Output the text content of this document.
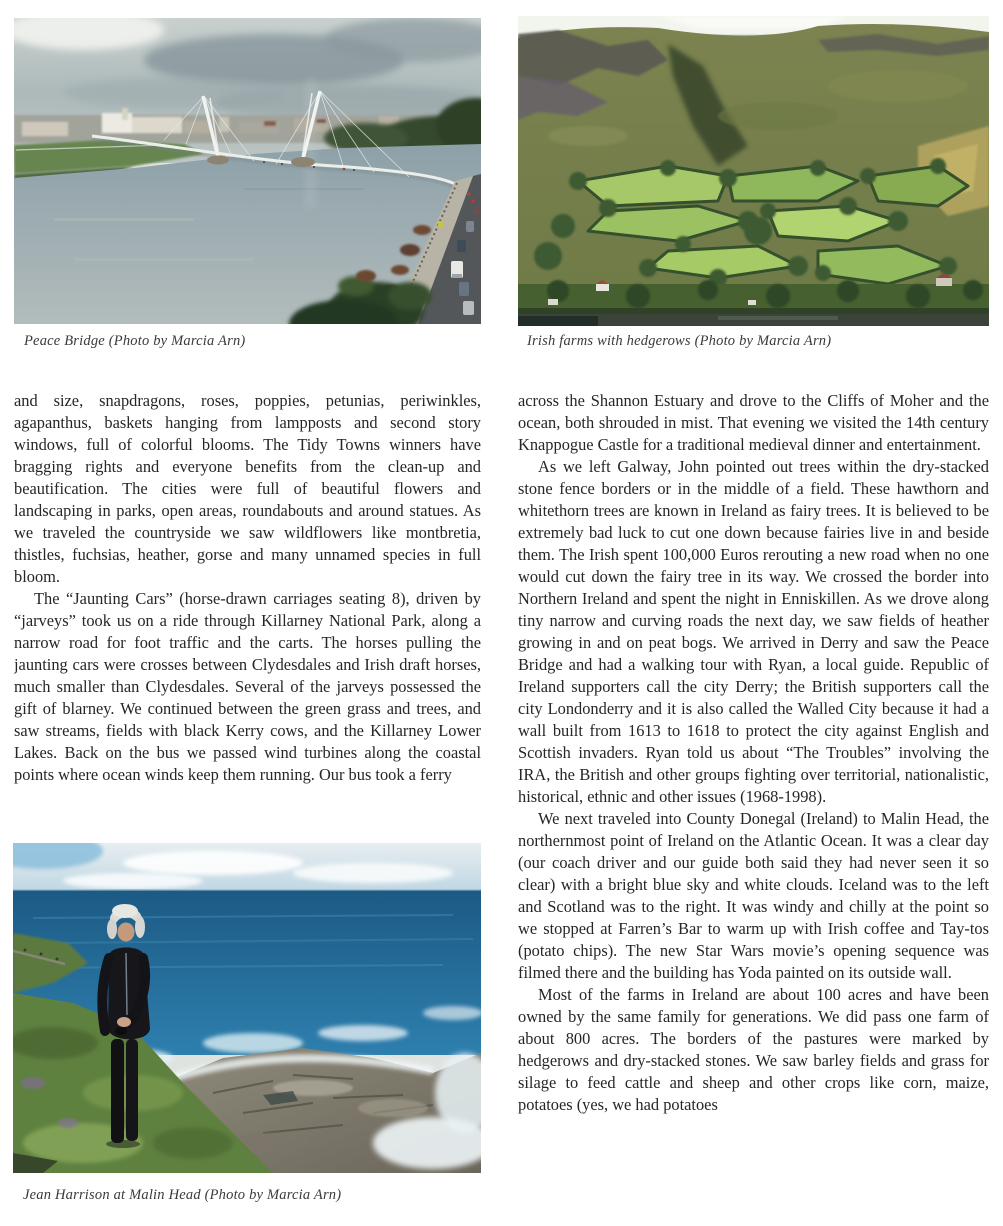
Peace Bridge (Photo by Marcia Arn)	Irish farms with hedgerows (Photo by Marcia Arn)

and size, snapdragons, roses, poppies, petunias, periwinkles, agapanthus, baskets hanging from lampposts and second story windows, full of colorful blooms. The Tidy Towns winners have bragging rights and everyone benefits from the clean-up and beautification. The cities were full of beautiful flowers and landscaping in parks, open areas, roundabouts and around statues. As we traveled the countryside we saw wildflowers like montbretia, thistles, fuchsias, heather, gorse and many unnamed species in full bloom.

The “Jaunting Cars” (horse-drawn carriages seating 8), driven by “jarveys” took us on a ride through Killarney National Park, along a narrow road for foot traffic and the carts. The horses pulling the jaunting cars were crosses between Clydesdales and Irish draft horses, much smaller than Clydesdales. Several of the jarveys possessed the gift of blarney. We continued between the green grass and trees, and saw streams, fields with black Kerry cows, and the Killarney Lower Lakes. Back on the bus we passed wind turbines along the coastal points where ocean winds keep them running. Our bus took a ferry

across the Shannon Estuary and drove to the Cliffs of Moher and the ocean, both shrouded in mist. That evening we visited the 14th century Knappogue Castle for a traditional medieval dinner and entertainment.

As we left Galway, John pointed out trees within the dry-stacked stone fence borders or in the middle of a field. These hawthorn and whitethorn trees are known in Ireland as fairy trees. It is believed to be extremely bad luck to cut one down because fairies live in and beside them. The Irish spent 100,000 Euros rerouting a new road when no one would cut down the fairy tree in its way. We crossed the border into Northern Ireland and spent the night in Enniskillen. As we drove along tiny narrow and curving roads the next day, we saw fields of heather growing in and on peat bogs. We arrived in Derry and saw the Peace Bridge and had a walking tour with Ryan, a local guide. Republic of Ireland supporters call the city Derry; the British supporters call the city Londonderry and it is also called the Walled City because it had a wall built from 1613 to 1618 to protect the city against English and Scottish invaders. Ryan told us about “The Troubles” involving the IRA, the British and other groups fighting over territorial, nationalistic, historical, ethnic and other issues (1968-1998).

We next traveled into County Donegal (Ireland) to Malin Head, the northernmost point of Ireland on the Atlantic Ocean. It was a clear day (our coach driver and our guide both said they had never seen it so clear) with a bright blue sky and white clouds. Iceland was to the left and Scotland was to the right. It was windy and chilly at the point so we stopped at Farren’s Bar to warm up with Irish coffee and Tay-tos (potato chips). The new Star Wars movie’s opening sequence was filmed there and the building has Yoda painted on its outside wall.

Most of the farms in Ireland are about 100 acres and have been owned by the same family for generations. We did pass one farm of about 800 acres. The borders of the pastures were marked by hedgerows and dry-stacked stones. We saw barley fields and grass for silage to feed cattle and sheep and other crops like corn, maize, potatoes (yes, we had potatoes

Jean Harrison at Malin Head (Photo by Marcia Arn)
